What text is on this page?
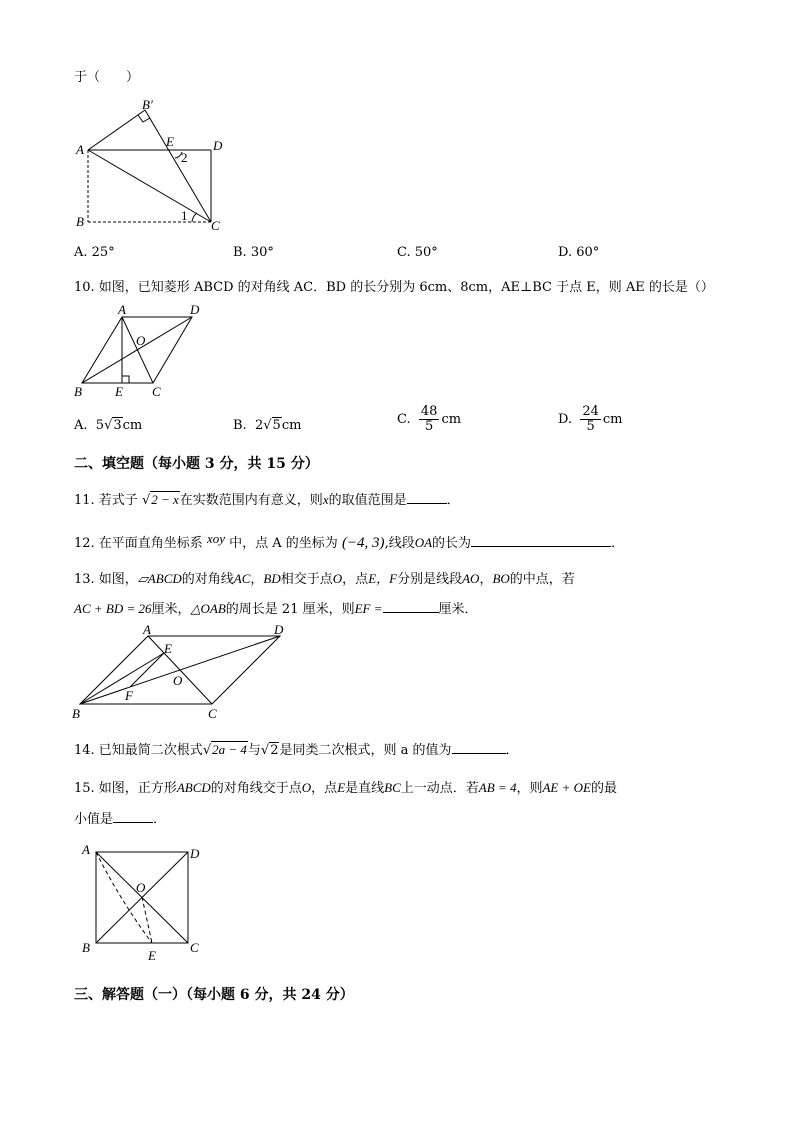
于（　　）
A
B′
E	D
2
B	1
C
A. 25°	B. 30°	C. 50°	D. 60°
10. 如图，已知菱形 ABCD 的对角线 AC．BD 的长分别为 6cm、8cm，AE⊥BC 于点 E，则 AE 的长是（）
A	D
O
B	E C
A. 5√3cm	B. 2√5cm	C. $\frac{48}{5}$ cm	D. $\frac{24}{5}$ cm
二、填空题（每小题 3 分，共 15 分）
11. 若式子 √2 − x在实数范围内有意义，则x的取值范围是	．
12. 在平面直角坐标系 xoy 中，点 A 的坐标为 (−4, 3),线段OA的长为	．
13. 如图，▱ABCD的对角线AC，BD相交于点O，点E，F分别是线段AO，BO的中点，若
AC + BD = 26厘米，△OAB的周长是 21 厘米，则EF =	厘米．
A
E
D
F
O
B	C
14. 已知最简二次根式√2a − 4与√2是同类二次根式，则 a 的值为	．
15. 如图，正方形ABCD的对角线交于点O，点E是直线BC上一动点．若AB = 4，则AE + OE的最
小值是	．
A	D
O
B	C
E
三、解答题（一）（每小题 6 分，共 24 分）
